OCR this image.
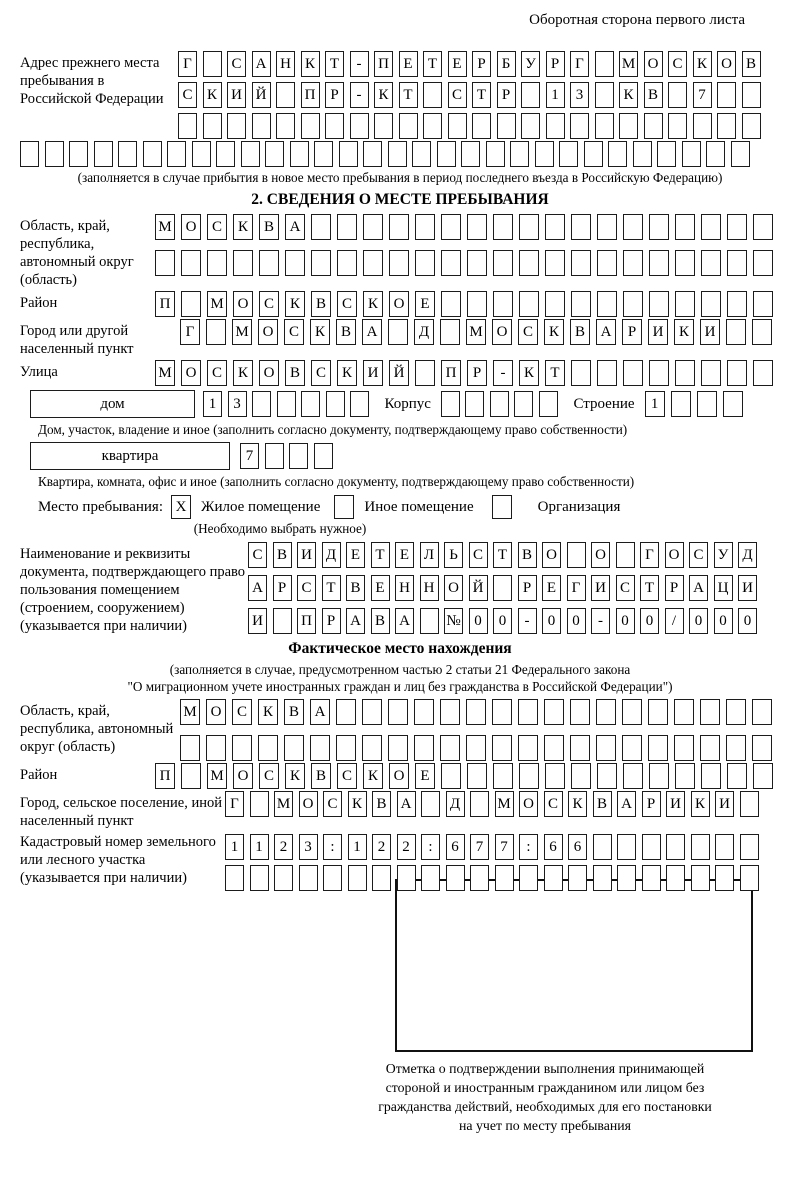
Оборотная сторона первого листа
Адрес прежнего места пребывания в Российской Федерации
Г	С А Н К Т	-	П Е	Т	Е	Р	Б У	Р	Г	М О С К О В
С К И Й	П Р	-	К Т	С Т	Р	1	3	К В	7
(заполняется в случае прибытия в новое место пребывания в период последнего въезда в Российскую Федерацию)
2. СВЕДЕНИЯ О МЕСТЕ ПРЕБЫВАНИЯ
Область, край, республика, автономный округ (область)
М О	С	К	В	А
Район	П	М О	С	К	В	С	К	О	Е
Город или другой населенный пункт
Г	М О	С	К	В	А	Д	М О	С	К	В	А	Р	И	К	И
Улица	М О	С	К	О	В	С	К	И	Й	П	Р	-	К	Т
дом	1	3	Корпус	Строение	1
Дом, участок, владение и иное (заполнить согласно документу, подтверждающему право собственности)
квартира	7
Квартира, комната, офис и иное (заполнить согласно документу, подтверждающему право собственности)
Место пребывания: X Жилое помещение	Иное помещение	Организация
(Необходимо выбрать нужное)
Наименование и реквизиты документа, подтверждающего право пользования помещением (строением, сооружением) (указывается при наличии)
С В И Д Е	Т	Е Л	Ь	С Т В О	О	Г О С У Д
А Р	С Т В Е Н Н О Й	Р	Е	Г И С Т	Р А Ц И
И	П Р А В А № 0	0	-	0	0	-	0	0	/	0	0	0
Фактическое место нахождения
(заполняется в случае, предусмотренном частью 2 статьи 21 Федерального закона
"О миграционном учете иностранных граждан и лиц без гражданства в Российской Федерации")
Область, край, республика, автономный округ (область)
М О	С	К	В	А
Район	П	М О	С	К	В	С	К	О	Е
Город, сельское поселение, иной населенный пункт
Г	М О С К В А	Д М О С К В А Р И К И
Кадастровый номер земельного или лесного участка (указывается при наличии)
1	1	2	3	:	1	2	2	:	6	7	7	:	6	6
Отметка о подтверждении выполнения принимающей стороной и иностранным гражданином или лицом без гражданства действий, необходимых для его постановки на учет по месту пребывания
